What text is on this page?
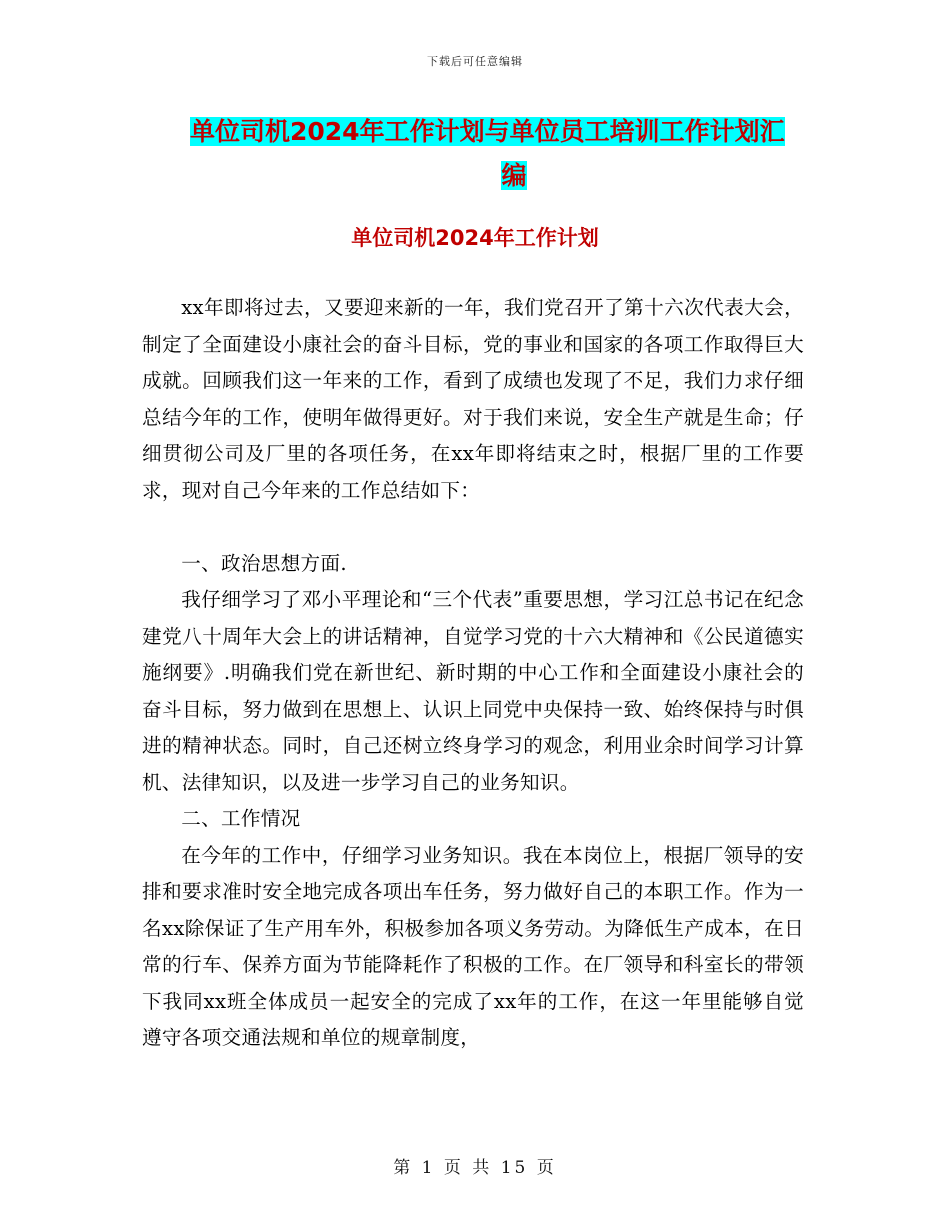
下载后可任意编辑
单位司机2024年工作计划与单位员工培训工作计划汇
编
单位司机2024年工作计划

xx年即将过去，又要迎来新的一年，我们党召开了第十六次代表大会，制定了全面建设小康社会的奋斗目标，党的事业和国家的各项工作取得巨大成就。回顾我们这一年来的工作，看到了成绩也发现了不足，我们力求仔细总结今年的工作，使明年做得更好。对于我们来说，安全生产就是生命；仔细贯彻公司及厂里的各项任务，在xx年即将结束之时，根据厂里的工作要求，现对自己今年来的工作总结如下：

一、政治思想方面.

我仔细学习了邓小平理论和“三个代表”重要思想，学习江总书记在纪念建党八十周年大会上的讲话精神，自觉学习党的十六大精神和《公民道德实施纲要》.明确我们党在新世纪、新时期的中心工作和全面建设小康社会的奋斗目标，努力做到在思想上、认识上同党中央保持一致、始终保持与时俱进的精神状态。同时，自己还树立终身学习的观念，利用业余时间学习计算机、法律知识，以及进一步学习自己的业务知识。

二、工作情况

在今年的工作中，仔细学习业务知识。我在本岗位上，根据厂领导的安排和要求准时安全地完成各项出车任务，努力做好自己的本职工作。作为一名xx除保证了生产用车外，积极参加各项义务劳动。为降低生产成本，在日常的行车、保养方面为节能降耗作了积极的工作。在厂领导和科室长的带领下我同xx班全体成员一起安全的完成了xx年的工作，在这一年里能够自觉遵守各项交通法规和单位的规章制度，

第 1 页 共 15 页
